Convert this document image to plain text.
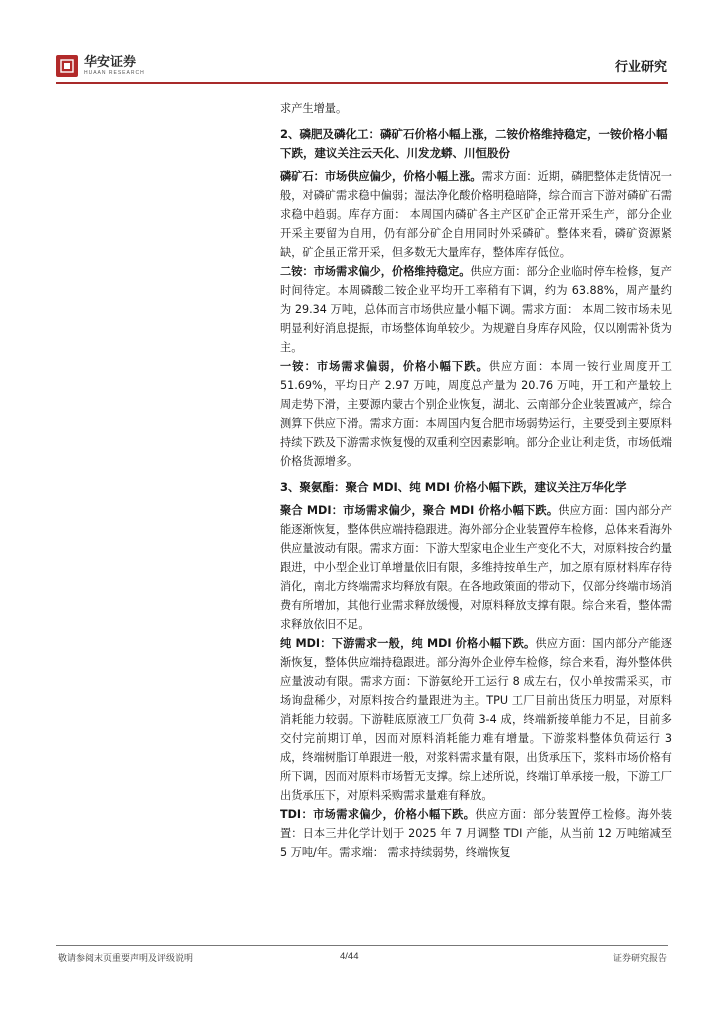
华安证券
HUAAN RESEARCH	行业研究

求产生增量。

2、磷肥及磷化工：磷矿石价格小幅上涨，二铵价格维持稳定，一铵价格小幅下跌，建议关注云天化、川发龙蟒、川恒股份

磷矿石：市场供应偏少，价格小幅上涨。需求方面：近期，磷肥整体走货情况一般，对磷矿需求稳中偏弱；湿法净化酸价格明稳暗降，综合而言下游对磷矿石需求稳中趋弱。库存方面： 本周国内磷矿各主产区矿企正常开采生产，部分企业开采主要留为自用，仍有部分矿企自用同时外采磷矿。整体来看，磷矿资源紧缺，矿企虽正常开采，但多数无大量库存，整体库存低位。

二铵：市场需求偏少，价格维持稳定。供应方面：部分企业临时停车检修，复产时间待定。本周磷酸二铵企业平均开工率稍有下调，约为 63.88%，周产量约为 29.34 万吨，总体而言市场供应量小幅下调。需求方面： 本周二铵市场未见明显利好消息提振，市场整体询单较少。为规避自身库存风险，仅以刚需补货为主。

一铵：市场需求偏弱，价格小幅下跌。供应方面：本周一铵行业周度开工 51.69%，平均日产 2.97 万吨，周度总产量为 20.76 万吨，开工和产量较上周走势下滑，主要源内蒙古个别企业恢复，湖北、云南部分企业装置减产，综合测算下供应下滑。需求方面：本周国内复合肥市场弱势运行，主要受到主要原料持续下跌及下游需求恢复慢的双重利空因素影响。部分企业让利走货，市场低端价格货源增多。

3、聚氨酯：聚合 MDI、纯 MDI 价格小幅下跌，建议关注万华化学

聚合 MDI：市场需求偏少，聚合 MDI 价格小幅下跌。供应方面：国内部分产能逐渐恢复，整体供应端持稳跟进。海外部分企业装置停车检修，总体来看海外供应量波动有限。需求方面：下游大型家电企业生产变化不大，对原料按合约量跟进，中小型企业订单增量依旧有限，多维持按单生产，加之原有原材料库存待消化，南北方终端需求均释放有限。在各地政策面的带动下，仅部分终端市场消费有所增加，其他行业需求释放缓慢，对原料释放支撑有限。综合来看，整体需求释放依旧不足。

纯 MDI：下游需求一般，纯 MDI 价格小幅下跌。供应方面：国内部分产能逐渐恢复，整体供应端持稳跟进。部分海外企业停车检修，综合来看，海外整体供应量波动有限。需求方面：下游氨纶开工运行 8 成左右，仅小单按需采买，市场询盘稀少，对原料按合约量跟进为主。TPU 工厂目前出货压力明显，对原料消耗能力较弱。下游鞋底原液工厂负荷 3-4 成，终端新接单能力不足，目前多交付完前期订单，因而对原料消耗能力难有增量。下游浆料整体负荷运行 3 成，终端树脂订单跟进一般，对浆料需求量有限，出货承压下，浆料市场价格有所下调，因而对原料市场暂无支撑。综上述所说，终端订单承接一般，下游工厂出货承压下，对原料采购需求量难有释放。

TDI：市场需求偏少，价格小幅下跌。供应方面：部分装置停工检修。海外装置：日本三井化学计划于 2025 年 7 月调整 TDI 产能，从当前 12 万吨缩减至 5 万吨/年。需求端： 需求持续弱势，终端恢复

敬请参阅末页重要声明及评级说明	4/44	证券研究报告
